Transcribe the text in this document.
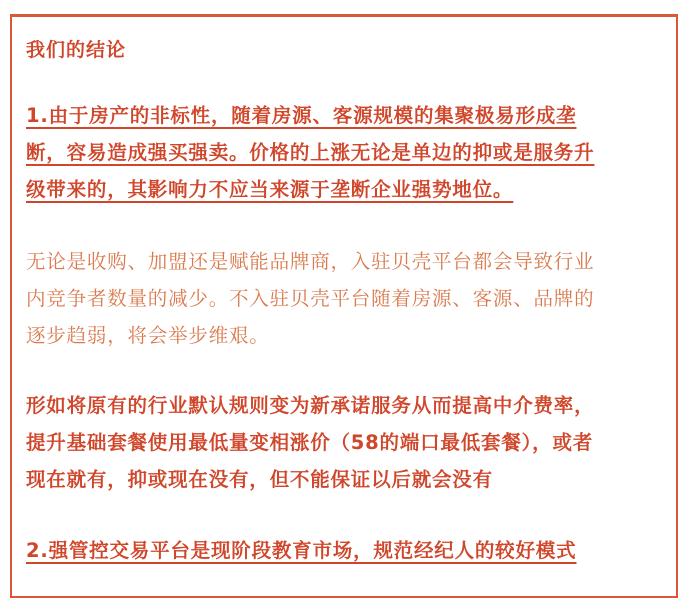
我们的结论
1.由于房产的非标性，随着房源、客源规模的集聚极易形成垄
断，容易造成强买强卖。价格的上涨无论是单边的抑或是服务升
级带来的，其影响力不应当来源于垄断企业强势地位。
无论是收购、加盟还是赋能品牌商，入驻贝壳平台都会导致行业
内竞争者数量的减少。不入驻贝壳平台随着房源、客源、品牌的
逐步趋弱，将会举步维艰。
形如将原有的行业默认规则变为新承诺服务从而提高中介费率，
提升基础套餐使用最低量变相涨价（58的端口最低套餐），或者
现在就有，抑或现在没有，但不能保证以后就会没有
2.强管控交易平台是现阶段教育市场，规范经纪人的较好模式
